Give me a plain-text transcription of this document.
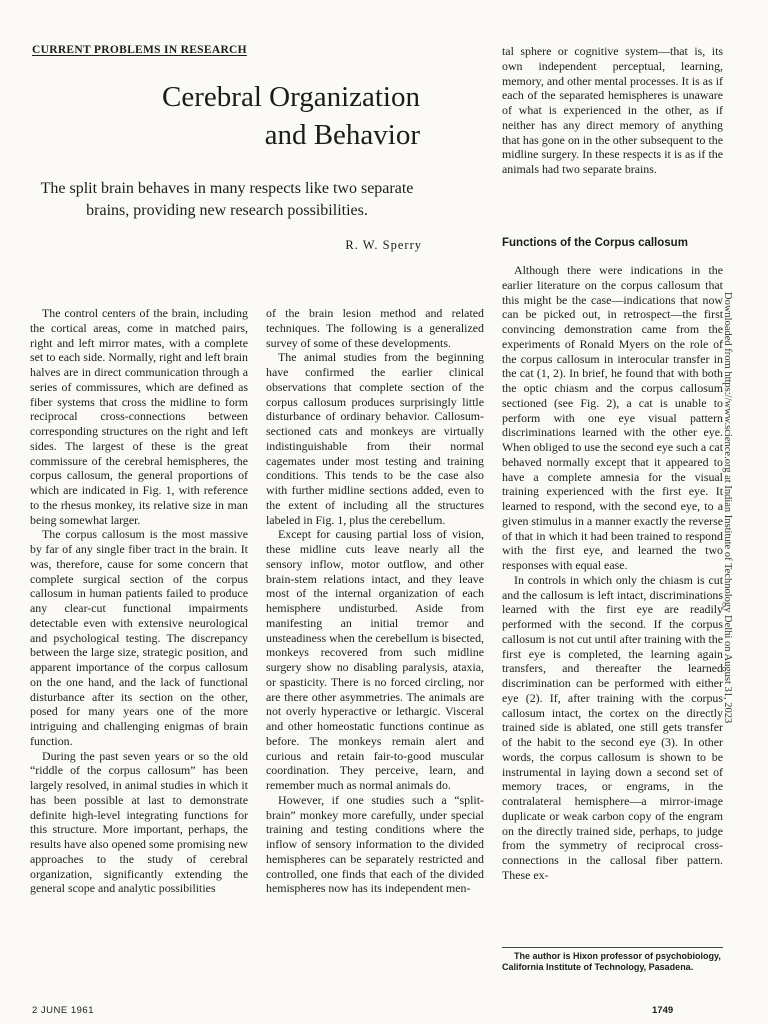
CURRENT PROBLEMS IN RESEARCH
Cerebral Organization
and Behavior
The split brain behaves in many respects like two separate brains, providing new research possibilities.
R. W. Sperry

The control centers of the brain, including the cortical areas, come in matched pairs, right and left mirror mates, with a complete set to each side. Normally, right and left brain halves are in direct communication through a series of commissures, which are defined as fiber systems that cross the midline to form reciprocal cross-connections between corresponding structures on the right and left sides. The largest of these is the great commissure of the cerebral hemispheres, the corpus callosum, the general proportions of which are indicated in Fig. 1, with reference to the rhesus monkey, its relative size in man being somewhat larger.

The corpus callosum is the most massive by far of any single fiber tract in the brain. It was, therefore, cause for some concern that complete surgical section of the corpus callosum in human patients failed to produce any clear-cut functional impairments detectable even with extensive neurological and psychological testing. The discrepancy between the large size, strategic position, and apparent importance of the corpus callosum on the one hand, and the lack of functional disturbance after its section on the other, posed for many years one of the more intriguing and challenging enigmas of brain function.

During the past seven years or so the old “riddle of the corpus callosum” has been largely resolved, in animal studies in which it has been possible at last to demonstrate definite high-level integrating functions for this structure. More important, perhaps, the results have also opened some promising new approaches to the study of cerebral organization, significantly extending the general scope and analytic possibilities

of the brain lesion method and related techniques. The following is a generalized survey of some of these developments.

The animal studies from the beginning have confirmed the earlier clinical observations that complete section of the corpus callosum produces surprisingly little disturbance of ordinary behavior. Callosum-sectioned cats and monkeys are virtually indistinguishable from their normal cagemates under most testing and training conditions. This tends to be the case also with further midline sections added, even to the extent of including all the structures labeled in Fig. 1, plus the cerebellum.

Except for causing partial loss of vision, these midline cuts leave nearly all the sensory inflow, motor outflow, and other brain-stem relations intact, and they leave most of the internal organization of each hemisphere undisturbed. Aside from manifesting an initial tremor and unsteadiness when the cerebellum is bisected, monkeys recovered from such midline surgery show no disabling paralysis, ataxia, or spasticity. There is no forced circling, nor are there other asymmetries. The animals are not overly hyperactive or lethargic. Visceral and other homeostatic functions continue as before. The monkeys remain alert and curious and retain fair-to-good muscular coordination. They perceive, learn, and remember much as normal animals do.

However, if one studies such a “split-brain” monkey more carefully, under special training and testing conditions where the inflow of sensory information to the divided hemispheres can be separately restricted and controlled, one finds that each of the divided hemispheres now has its independent men-

tal sphere or cognitive system—that is, its own independent perceptual, learning, memory, and other mental processes. It is as if each of the separated hemispheres is unaware of what is experienced in the other, as if neither has any direct memory of anything that has gone on in the other subsequent to the midline surgery. In these respects it is as if the animals had two separate brains.

Functions of the Corpus callosum

Although there were indications in the earlier literature on the corpus callosum that this might be the case—indications that now can be picked out, in retrospect—the first convincing demonstration came from the experiments of Ronald Myers on the role of the corpus callosum in interocular transfer in the cat (1, 2). In brief, he found that with both the optic chiasm and the corpus callosum sectioned (see Fig. 2), a cat is unable to perform with one eye visual pattern discriminations learned with the other eye. When obliged to use the second eye such a cat behaved normally except that it appeared to have a complete amnesia for the visual training experienced with the first eye. It learned to respond, with the second eye, to a given stimulus in a manner exactly the reverse of that in which it had been trained to respond with the first eye, and learned the two responses with equal ease.

In controls in which only the chiasm is cut and the callosum is left intact, discriminations learned with the first eye are readily performed with the second. If the corpus callosum is not cut until after training with the first eye is completed, the learning again transfers, and thereafter the learned discrimination can be performed with either eye (2). If, after training with the corpus callosum intact, the cortex on the directly trained side is ablated, one still gets transfer of the habit to the second eye (3). In other words, the corpus callosum is shown to be instrumental in laying down a second set of memory traces, or engrams, in the contralateral hemisphere—a mirror-image duplicate or weak carbon copy of the engram on the directly trained side, perhaps, to judge from the symmetry of reciprocal cross-connections in the callosal fiber pattern. These ex-

The author is Hixon professor of psychobiology, California Institute of Technology, Pasadena.
2 JUNE 1961	1749
Downloaded from https://www.science.org at Indian Institute of Technology Delhi on August 31, 2023
